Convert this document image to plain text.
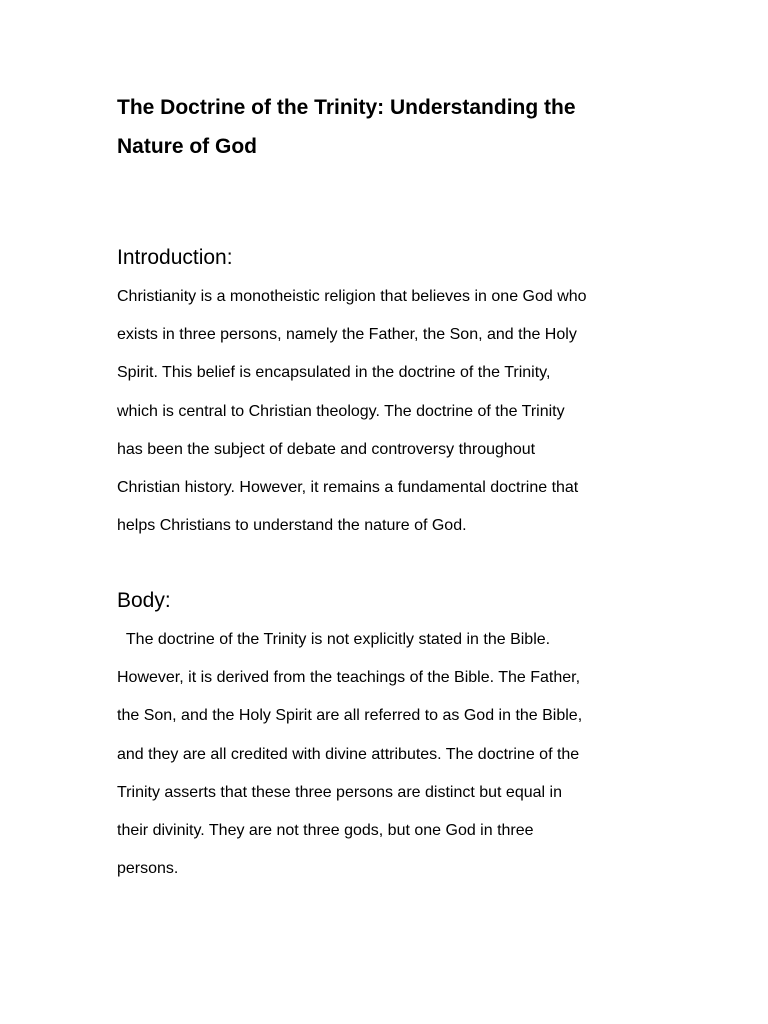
The Doctrine of the Trinity: Understanding the
Nature of God
Introduction:

Christianity is a monotheistic religion that believes in one God who
exists in three persons, namely the Father, the Son, and the Holy
Spirit. This belief is encapsulated in the doctrine of the Trinity,
which is central to Christian theology. The doctrine of the Trinity
has been the subject of debate and controversy throughout
Christian history. However, it remains a fundamental doctrine that
helps Christians to understand the nature of God.

Body:

The doctrine of the Trinity is not explicitly stated in the Bible.
However, it is derived from the teachings of the Bible. The Father,
the Son, and the Holy Spirit are all referred to as God in the Bible,
and they are all credited with divine attributes. The doctrine of the
Trinity asserts that these three persons are distinct but equal in
their divinity. They are not three gods, but one God in three
persons.
